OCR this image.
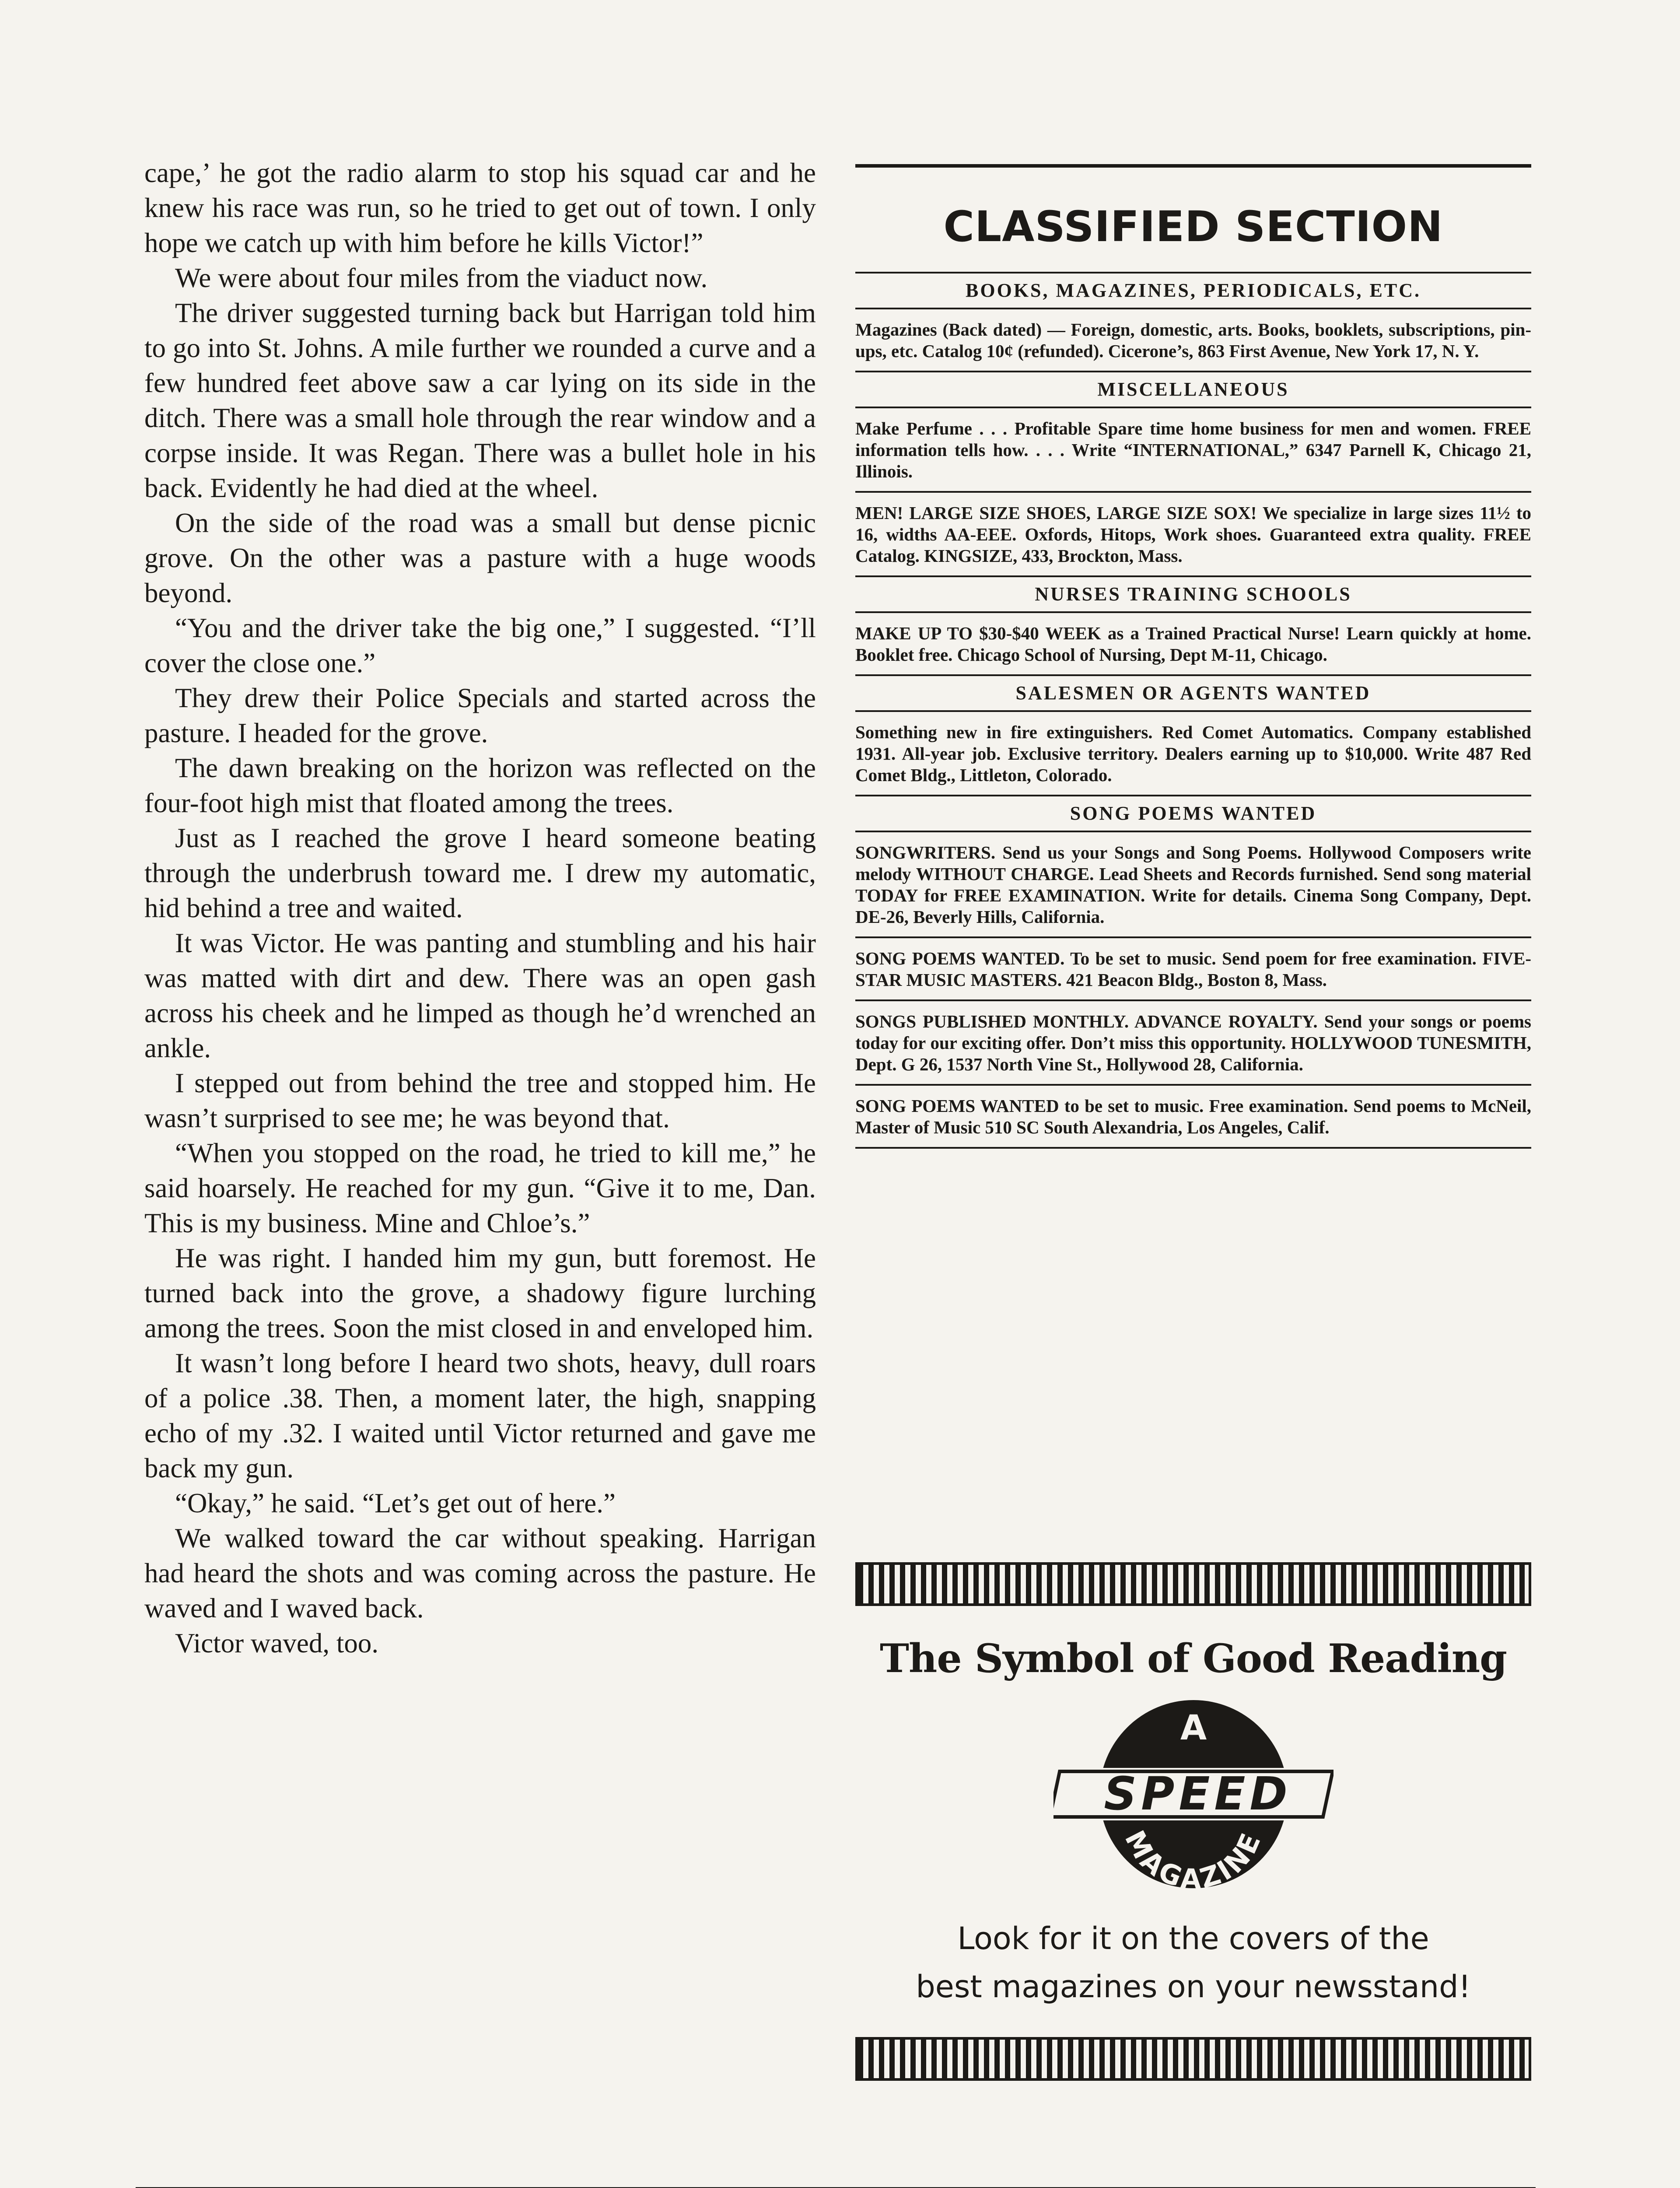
cape,’ he got the radio alarm to stop his squad car and he knew his race was run, so he tried to get out of town. I only hope we catch up with him before he kills Victor!”

We were about four miles from the viaduct now.

The driver suggested turning back but Harrigan told him to go into St. Johns. A mile further we rounded a curve and a few hundred feet above saw a car lying on its side in the ditch. There was a small hole through the rear window and a corpse inside. It was Regan. There was a bullet hole in his back. Evidently he had died at the wheel.

On the side of the road was a small but dense picnic grove. On the other was a pasture with a huge woods beyond.

“You and the driver take the big one,” I suggested. “I’ll cover the close one.”

They drew their Police Specials and started across the pasture. I headed for the grove.

The dawn breaking on the horizon was reflected on the four-foot high mist that floated among the trees.

Just as I reached the grove I heard someone beating through the underbrush toward me. I drew my automatic, hid behind a tree and waited.

It was Victor. He was panting and stumbling and his hair was matted with dirt and dew. There was an open gash across his cheek and he limped as though he’d wrenched an ankle.

I stepped out from behind the tree and stopped him. He wasn’t surprised to see me; he was beyond that.

“When you stopped on the road, he tried to kill me,” he said hoarsely. He reached for my gun. “Give it to me, Dan. This is my business. Mine and Chloe’s.”

He was right. I handed him my gun, butt foremost. He turned back into the grove, a shadowy figure lurching among the trees. Soon the mist closed in and enveloped him.

It wasn’t long before I heard two shots, heavy, dull roars of a police .38. Then, a moment later, the high, snapping echo of my .32. I waited until Victor returned and gave me back my gun.

“Okay,” he said. “Let’s get out of here.”

We walked toward the car without speaking. Harrigan had heard the shots and was coming across the pasture. He waved and I waved back.

Victor waved, too.

CLASSIFIED SECTION
BOOKS, MAGAZINES, PERIODICALS, ETC.
Magazines (Back dated) — Foreign, domestic, arts. Books, booklets, subscriptions, pin-ups, etc. Catalog 10¢ (refunded). Cicerone’s, 863 First Avenue, New York 17, N. Y.
MISCELLANEOUS
Make Perfume . . . Profitable Spare time home business for men and women. FREE information tells how. . . . Write “INTERNATIONAL,” 6347 Parnell K, Chicago 21, Illinois.
MEN! LARGE SIZE SHOES, LARGE SIZE SOX! We specialize in large sizes 11½ to 16, widths AA-EEE. Oxfords, Hitops, Work shoes. Guaranteed extra quality. FREE Catalog. KINGSIZE, 433, Brockton, Mass.
NURSES TRAINING SCHOOLS
MAKE UP TO $30-$40 WEEK as a Trained Practical Nurse! Learn quickly at home. Booklet free. Chicago School of Nursing, Dept M-11, Chicago.
SALESMEN OR AGENTS WANTED
Something new in fire extinguishers. Red Comet Automatics. Company established 1931. All-year job. Exclusive territory. Dealers earning up to $10,000. Write 487 Red Comet Bldg., Littleton, Colorado.
SONG POEMS WANTED
SONGWRITERS. Send us your Songs and Song Poems. Hollywood Composers write melody WITHOUT CHARGE. Lead Sheets and Records furnished. Send song material TODAY for FREE EXAMINATION. Write for details. Cinema Song Company, Dept. DE-26, Beverly Hills, California.
SONG POEMS WANTED. To be set to music. Send poem for free examination. FIVE-STAR MUSIC MASTERS. 421 Beacon Bldg., Boston 8, Mass.
SONGS PUBLISHED MONTHLY. ADVANCE ROYALTY. Send your songs or poems today for our exciting offer. Don’t miss this opportunity. HOLLYWOOD TUNESMITH, Dept. G 26, 1537 North Vine St., Hollywood 28, California.
SONG POEMS WANTED to be set to music. Free examination. Send poems to McNeil, Master of Music 510 SC South Alexandria, Los Angeles, Calif.
The Symbol of Good Reading
A
SPEED
MAGAZINE
Look for it on the covers of the
best magazines on your newsstand!
